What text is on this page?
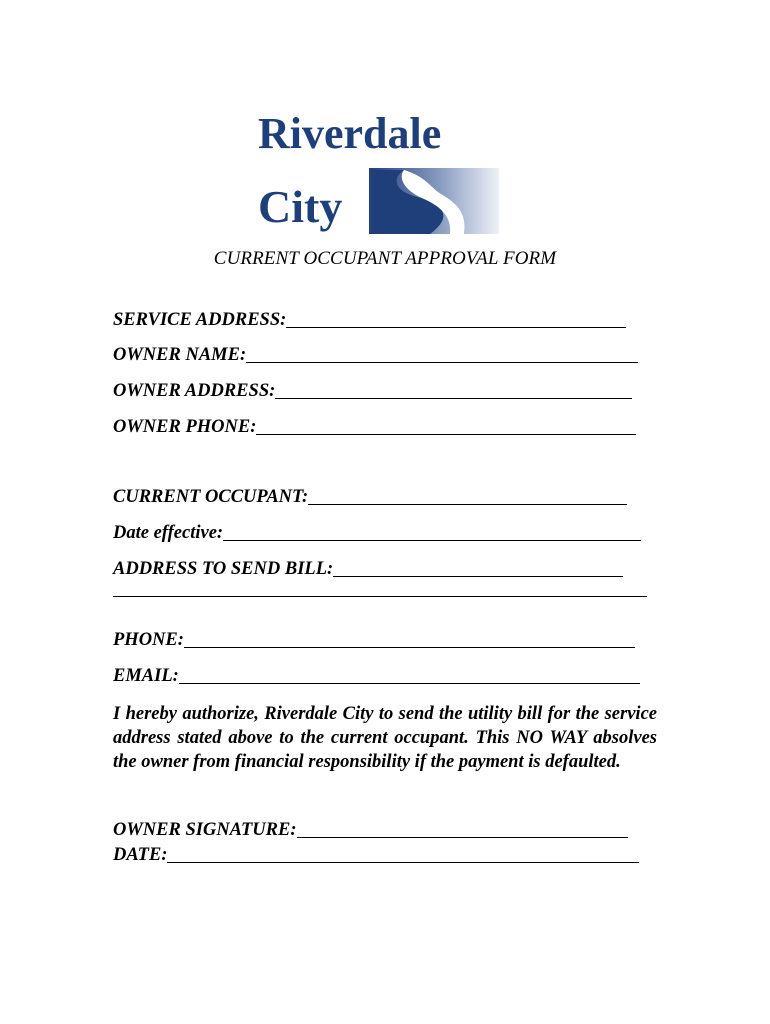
Riverdale
City
CURRENT OCCUPANT APPROVAL FORM
SERVICE ADDRESS:
OWNER NAME:
OWNER ADDRESS:
OWNER PHONE:
CURRENT OCCUPANT:
Date effective:
ADDRESS TO SEND BILL:
PHONE:
EMAIL:
I hereby authorize, Riverdale City to send the utility bill for the service address stated above to the current occupant. This NO WAY absolves the owner from financial responsibility if the payment is defaulted.
OWNER SIGNATURE:
DATE:
